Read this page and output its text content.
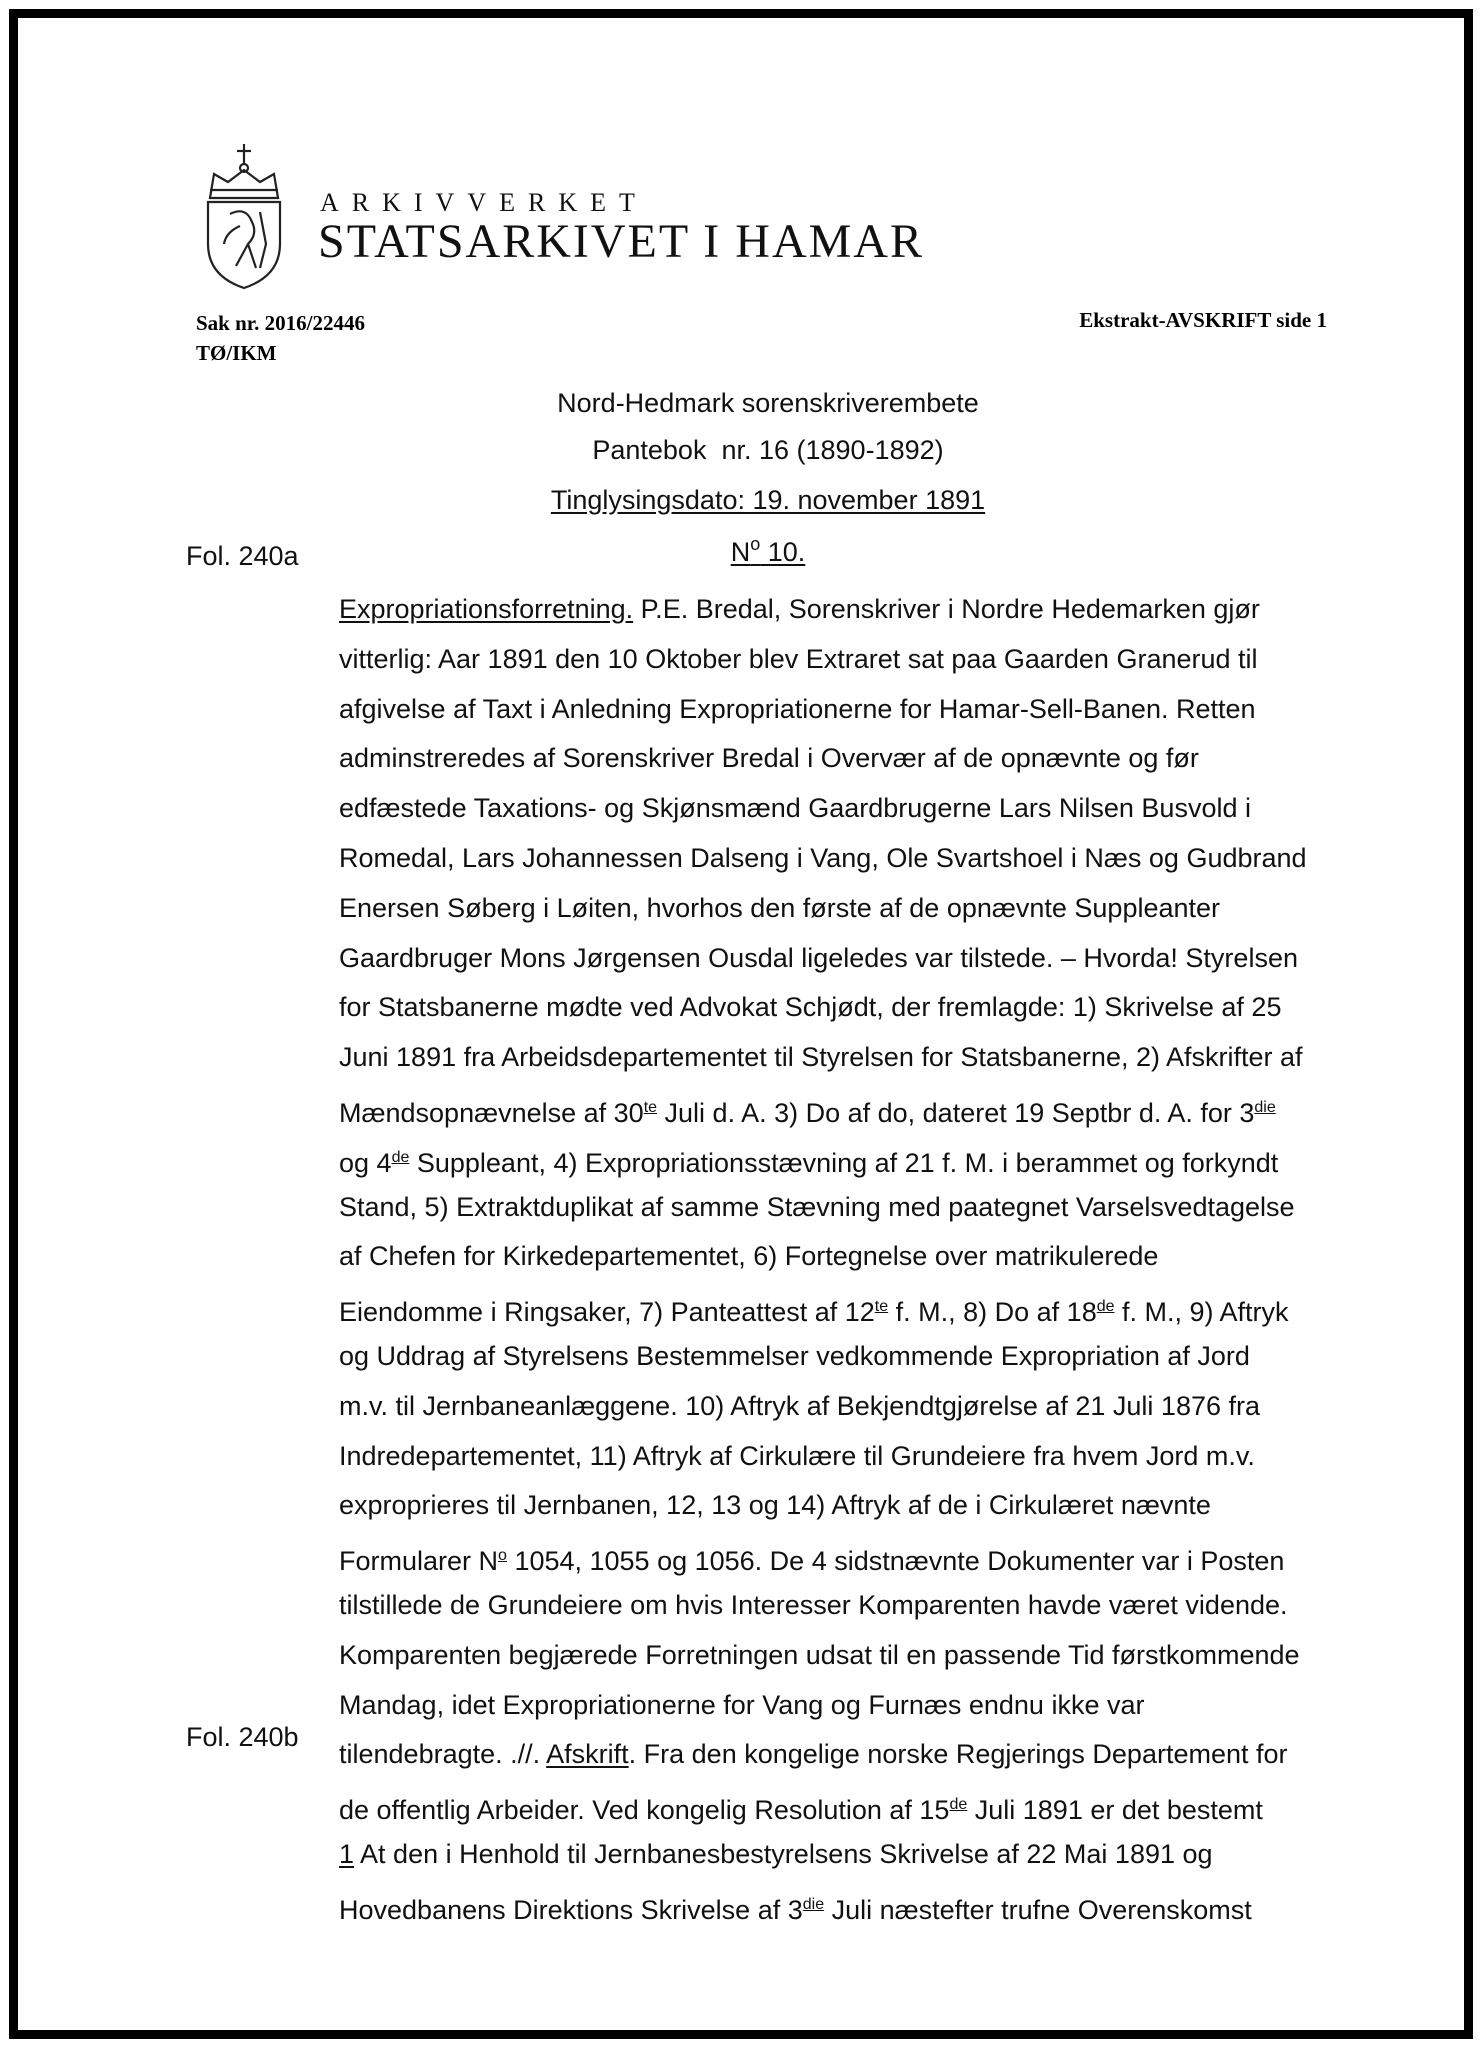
ARKIVVERKET
STATSARKIVET I HAMAR
Sak nr. 2016/22446
TØ/IKM
Ekstrakt-AVSKRIFT side 1
Nord-Hedmark sorenskriverembete
Pantebok  nr. 16 (1890-1892)
Tinglysingsdato: 19. november 1891
$N^o$ 10.
Fol. 240a
Fol. 240b
Expropriationsforretning. P.E. Bredal, Sorenskriver i Nordre Hedemarken gjør
vitterlig: Aar 1891 den 10 Oktober blev Extraret sat paa Gaarden Granerud til
afgivelse af Taxt i Anledning Expropriationerne for Hamar-Sell-Banen. Retten
adminstreredes af Sorenskriver Bredal i Overvær af de opnævnte og før
edfæstede Taxations- og Skjønsmænd Gaardbrugerne Lars Nilsen Busvold i
Romedal, Lars Johannessen Dalseng i Vang, Ole Svartshoel i Næs og Gudbrand
Enersen Søberg i Løiten, hvorhos den første af de opnævnte Suppleanter
Gaardbruger Mons Jørgensen Ousdal ligeledes var tilstede. – Hvorda! Styrelsen
for Statsbanerne mødte ved Advokat Schjødt, der fremlagde: 1) Skrivelse af 25
Juni 1891 fra Arbeidsdepartementet til Styrelsen for Statsbanerne, 2) Afskrifter af
Mændsopnævnelse af $30^{te}$ Juli d. A. 3) Do af do, dateret 19 Septbr d. A. for $3^{die}$
og 4de Suppleant, 4) Expropriationsstævning af 21 f. M. i berammet og forkyndt
Stand, 5) Extraktduplikat af samme Stævning med paategnet Varselsvedtagelse
af Chefen for Kirkedepartementet, 6) Fortegnelse over matrikulerede
Eiendomme i Ringsaker, 7) Panteattest af $12^{te}$ f. M., 8) Do af 18de f. M., 9) Aftryk
og Uddrag af Styrelsens Bestemmelser vedkommende Expropriation af Jord
m.v. til Jernbaneanlæggene. 10) Aftryk af Bekjendtgjørelse af 21 Juli 1876 fra
Indredepartementet, 11) Aftryk af Cirkulære til Grundeiere fra hvem Jord m.v.
exproprieres til Jernbanen, 12, 13 og 14) Aftryk af de i Cirkulæret nævnte
Formularer $N^o$ 1054, 1055 og 1056. De 4 sidstnævnte Dokumenter var i Posten
tilstillede de Grundeiere om hvis Interesser Komparenten havde været vidende.
Komparenten begjærede Forretningen udsat til en passende Tid førstkommende
Mandag, idet Expropriationerne for Vang og Furnæs endnu ikke var
tilendebragte. .//. Afskrift. Fra den kongelige norske Regjerings Departement for
de offentlig Arbeider. Ved kongelig Resolution af 15de Juli 1891 er det bestemt
1 At den i Henhold til Jernbanesbestyrelsens Skrivelse af 22 Mai 1891 og
Hovedbanens Direktions Skrivelse af $3^{die}$ Juli næstefter trufne Overenskomst
